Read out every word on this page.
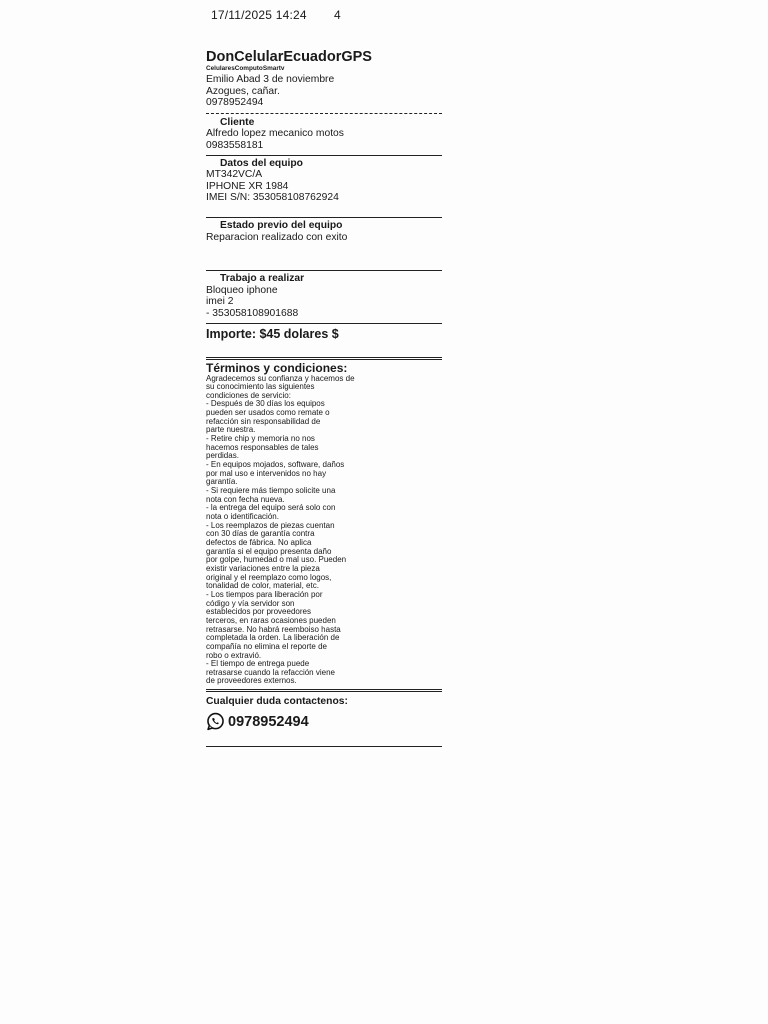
17/11/2025 14:24 4
DonCelularEcuadorGPS
CelularesComputoSmartv
Emilio Abad 3 de noviembre
Azogues, cañar.
0978952494
Cliente
Alfredo lopez mecanico motos
0983558181
Datos del equipo
MT342VC/A
IPHONE XR 1984
IMEI S/N: 353058108762924
Estado previo del equipo
Reparacion realizado con exito
Trabajo a realizar
Bloqueo iphone
imei 2
- 353058108901688
Importe: $45 dolares $
Términos y condiciones:
Agradecemos su confianza y hacemos de
su conocimiento las siguientes
condiciones de servicio:
- Después de 30 días los equipos
pueden ser usados como remate o
refacción sin responsabilidad de
parte nuestra.
- Retire chip y memoria no nos
hacemos responsables de tales
perdidas.
- En equipos mojados, software, daños
por mal uso e intervenidos no hay
garantía.
- Si requiere más tiempo solicite una
nota con fecha nueva.
- la entrega del equipo será solo con
nota o identificación.
- Los reemplazos de piezas cuentan
con 30 días de garantía contra
defectos de fábrica. No aplica
garantía si el equipo presenta daño
por golpe, humedad o mal uso. Pueden
existir variaciones entre la pieza
original y el reemplazo como logos,
tonalidad de color, material, etc.
- Los tiempos para liberación por
código y vía servidor son
establecidos por proveedores
terceros, en raras ocasiones pueden
retrasarse. No habrá reemboiso hasta
completada la orden. La liberación de
compañía no elimina el reporte de
robo o extravió.
- El tiempo de entrega puede
retrasarse cuando la refacción viene
de proveedores externos.
Cualquier duda contactenos:
0978952494
